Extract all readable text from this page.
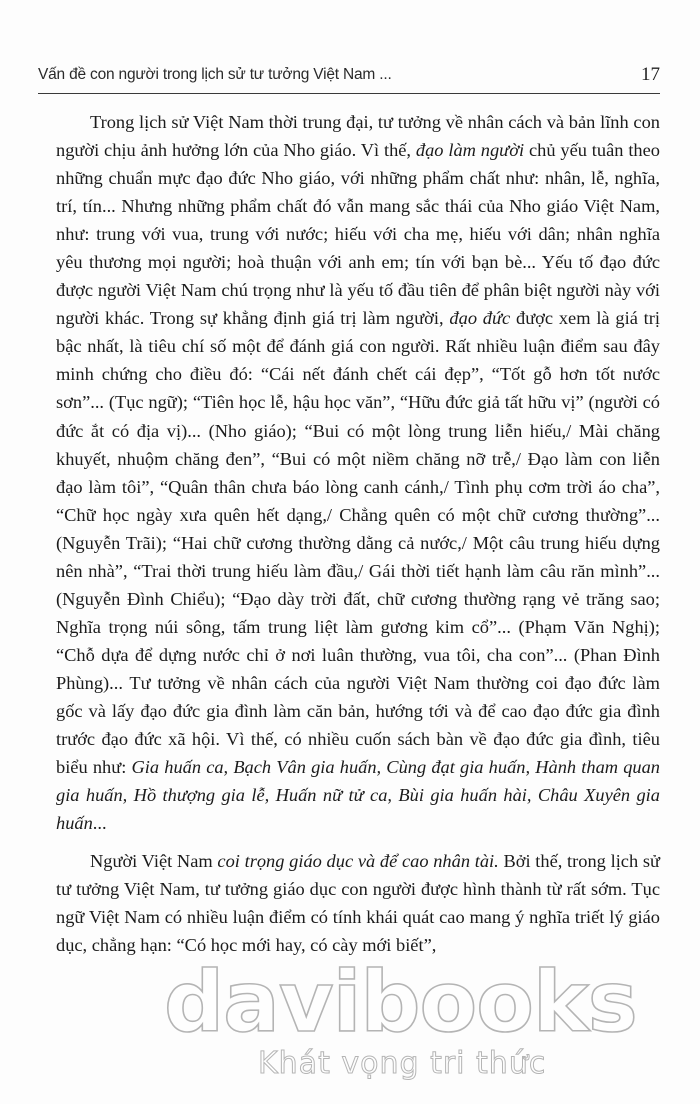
Vấn đề con người trong lịch sử tư tưởng Việt Nam ...	17

Trong lịch sử Việt Nam thời trung đại, tư tưởng về nhân cách và bản lĩnh con người chịu ảnh hưởng lớn của Nho giáo. Vì thế, đạo làm người chủ yếu tuân theo những chuẩn mực đạo đức Nho giáo, với những phẩm chất như: nhân, lễ, nghĩa, trí, tín... Nhưng những phẩm chất đó vẫn mang sắc thái của Nho giáo Việt Nam, như: trung với vua, trung với nước; hiếu với cha mẹ, hiếu với dân; nhân nghĩa yêu thương mọi người; hoà thuận với anh em; tín với bạn bè... Yếu tố đạo đức được người Việt Nam chú trọng như là yếu tố đầu tiên để phân biệt người này với người khác. Trong sự khẳng định giá trị làm người, đạo đức được xem là giá trị bậc nhất, là tiêu chí số một để đánh giá con người. Rất nhiều luận điểm sau đây minh chứng cho điều đó: “Cái nết đánh chết cái đẹp”, “Tốt gỗ hơn tốt nước sơn”... (Tục ngữ); “Tiên học lễ, hậu học văn”, “Hữu đức giả tất hữu vị” (người có đức ắt có địa vị)... (Nho giáo); “Bui có một lòng trung liễn hiếu,/ Mài chăng khuyết, nhuộm chăng đen”, “Bui có một niềm chăng nỡ trễ,/ Đạo làm con liễn đạo làm tôi”, “Quân thân chưa báo lòng canh cánh,/ Tình phụ cơm trời áo cha”, “Chữ học ngày xưa quên hết dạng,/ Chẳng quên có một chữ cương thường”... (Nguyễn Trãi); “Hai chữ cương thường dằng cả nước,/ Một câu trung hiếu dựng nên nhà”, “Trai thời trung hiếu làm đầu,/ Gái thời tiết hạnh làm câu răn mình”... (Nguyễn Đình Chiểu); “Đạo dày trời đất, chữ cương thường rạng vẻ trăng sao; Nghĩa trọng núi sông, tấm trung liệt làm gương kim cổ”... (Phạm Văn Nghị); “Chỗ dựa để dựng nước chỉ ở nơi luân thường, vua tôi, cha con”... (Phan Đình Phùng)... Tư tưởng về nhân cách của người Việt Nam thường coi đạo đức làm gốc và lấy đạo đức gia đình làm căn bản, hướng tới và để cao đạo đức gia đình trước đạo đức xã hội. Vì thế, có nhiều cuốn sách bàn về đạo đức gia đình, tiêu biểu như: Gia huấn ca, Bạch Vân gia huấn, Cùng đạt gia huấn, Hành tham quan gia huấn, Hồ thượng gia lễ, Huấn nữ tử ca, Bùi gia huấn hài, Châu Xuyên gia huấn...

Người Việt Nam coi trọng giáo dục và để cao nhân tài. Bởi thế, trong lịch sử tư tưởng Việt Nam, tư tưởng giáo dục con người được hình thành từ rất sớm. Tục ngữ Việt Nam có nhiều luận điểm có tính khái quát cao mang ý nghĩa triết lý giáo dục, chẳng hạn: “Có học mới hay, có cày mới biết”,

davibooks
Khát vọng tri thức
